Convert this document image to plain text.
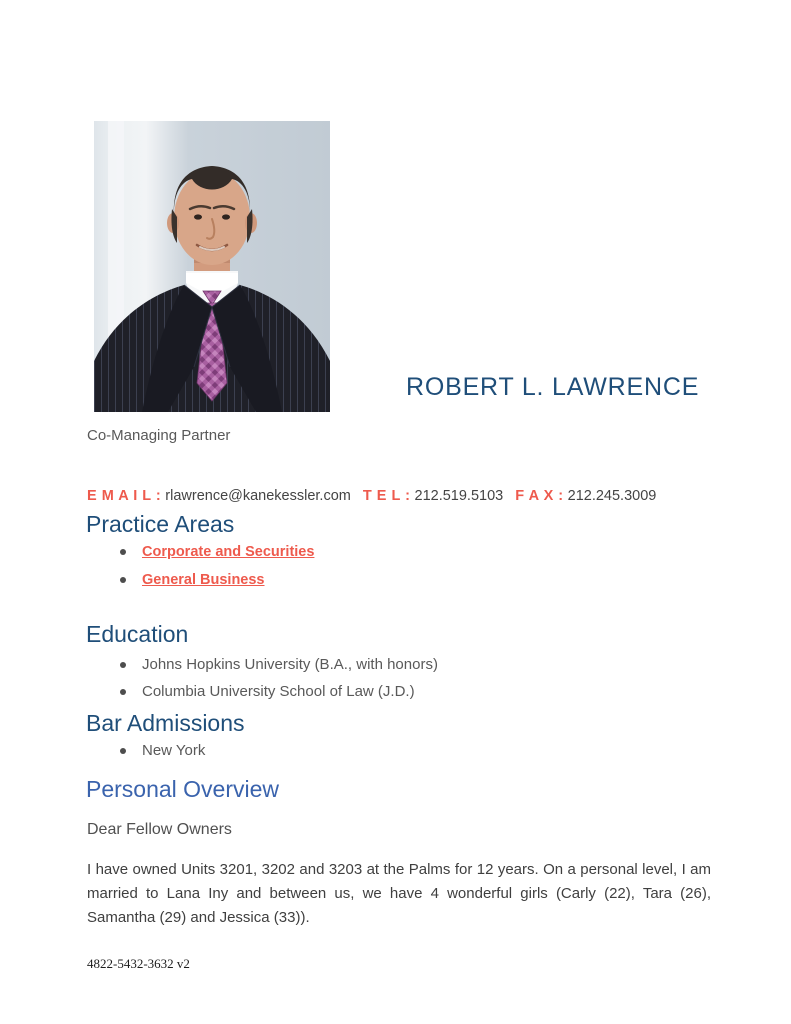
ROBERT L. LAWRENCE
Co-Managing Partner
E M A I L : rlawrence@kanekessler.com T E L : 212.519.5103 F A X : 212.245.3009
Practice Areas
Corporate and Securities
General Business
Education
Johns Hopkins University (B.A., with honors)
Columbia University School of Law (J.D.)
Bar Admissions
New York
Personal Overview
Dear Fellow Owners
I have owned Units 3201, 3202 and 3203 at the Palms for 12 years. On a personal level, I am married to Lana Iny and between us, we have 4 wonderful girls (Carly (22), Tara (26), Samantha (29) and Jessica (33)).
4822-5432-3632 v2
